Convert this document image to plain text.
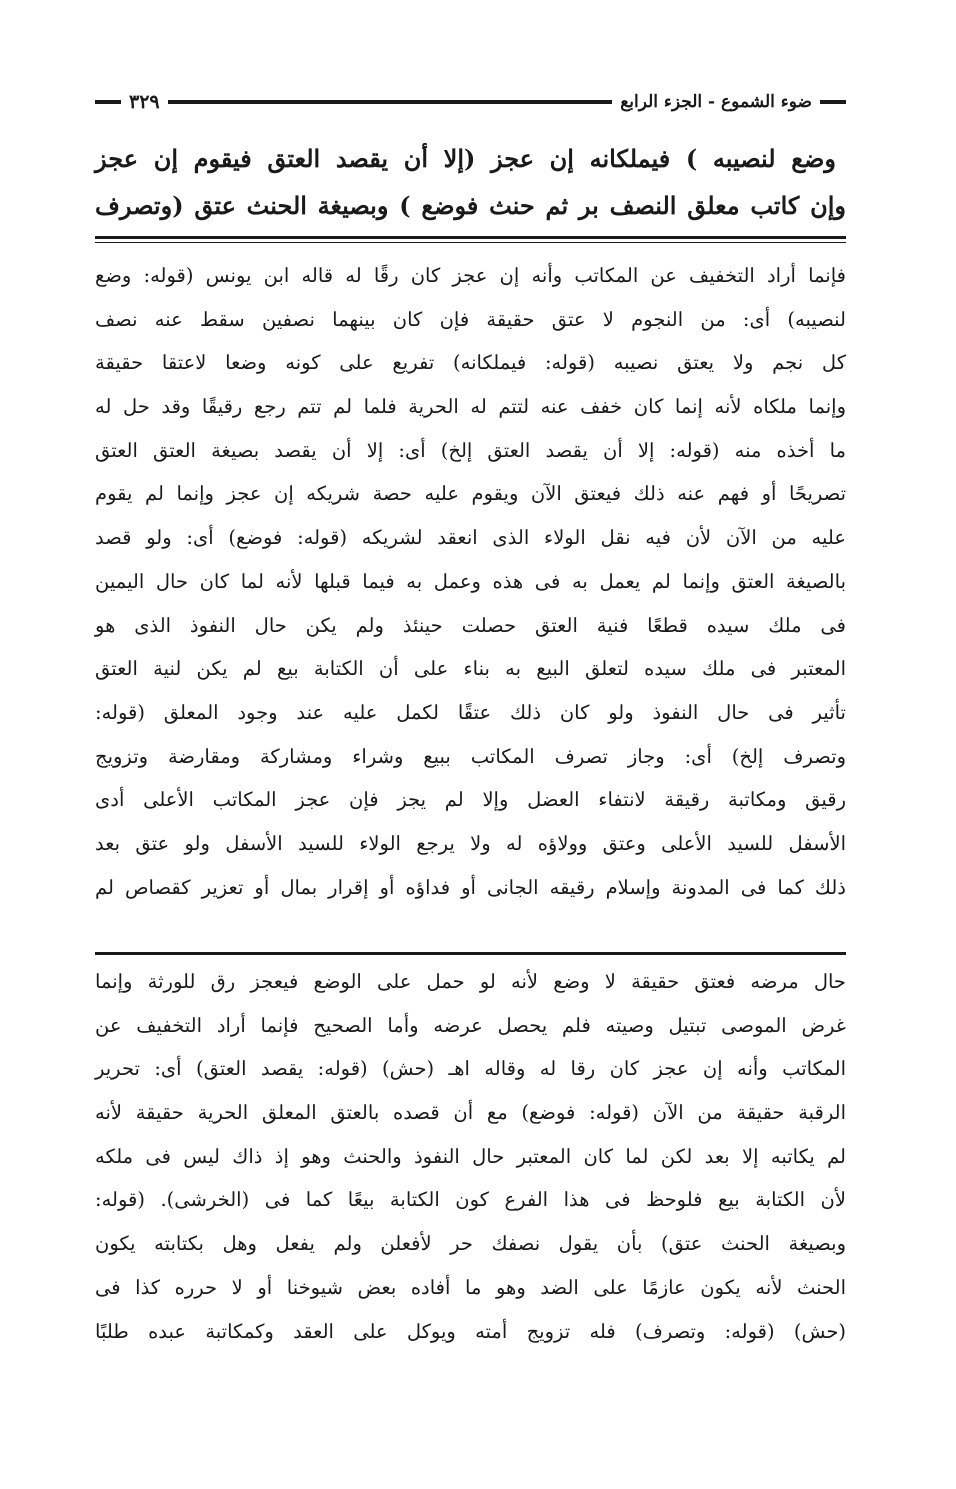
ضوء الشموع - الجزء الرابع
٣٢٩
وضع لنصيبه ) فيملكانه إن عجز (إلا أن يقصد العتق فيقوم إن عجز
وإن كاتب معلق النصف بر ثم حنث فوضع ) وبصيغة الحنث عتق (وتصرف
فإنما أراد التخفيف عن المكاتب وأنه إن عجز كان رقًا له قاله ابن يونس (قوله: وضع
لنصيبه) أى: من النجوم لا عتق حقيقة فإن كان بينهما نصفين سقط عنه نصف
كل نجم ولا يعتق نصيبه (قوله: فيملكانه) تفريع على كونه وضعا لاعتقا حقيقة
وإنما ملكاه لأنه إنما كان خفف عنه لتتم له الحرية فلما لم تتم رجع رقيقًا وقد حل له
ما أخذه منه (قوله: إلا أن يقصد العتق إلخ) أى: إلا أن يقصد بصيغة العتق العتق
تصريحًا أو فهم عنه ذلك فيعتق الآن ويقوم عليه حصة شريكه إن عجز وإنما لم يقوم
عليه من الآن لأن فيه نقل الولاء الذى انعقد لشريكه (قوله: فوضع) أى: ولو قصد
بالصيغة العتق وإنما لم يعمل به فى هذه وعمل به فيما قبلها لأنه لما كان حال اليمين
فى ملك سيده قطعًا فنية العتق حصلت حينئذ ولم يكن حال النفوذ الذى هو
المعتبر فى ملك سيده لتعلق البيع به بناء على أن الكتابة بيع لم يكن لنية العتق
تأثير فى حال النفوذ ولو كان ذلك عتقًا لكمل عليه عند وجود المعلق (قوله:
وتصرف إلخ) أى: وجاز تصرف المكاتب ببيع وشراء ومشاركة ومقارضة وتزويج
رقيق ومكاتبة رقيقة لانتفاء العضل وإلا لم يجز فإن عجز المكاتب الأعلى أدى
الأسفل للسيد الأعلى وعتق وولاؤه له ولا يرجع الولاء للسيد الأسفل ولو عتق بعد
ذلك كما فى المدونة وإسلام رقيقه الجانى أو فداؤه أو إقرار بمال أو تعزير كقصاص لم
حال مرضه فعتق حقيقة لا وضع لأنه لو حمل على الوضع فيعجز رق للورثة وإنما
غرض الموصى تبتيل وصيته فلم يحصل عرضه وأما الصحيح فإنما أراد التخفيف عن
المكاتب وأنه إن عجز كان رقا له وقاله اهـ (حش) (قوله: يقصد العتق) أى: تحرير
الرقبة حقيقة من الآن (قوله: فوضع) مع أن قصده بالعتق المعلق الحرية حقيقة لأنه
لم يكاتبه إلا بعد لكن لما كان المعتبر حال النفوذ والحنث وهو إذ ذاك ليس فى ملكه
لأن الكتابة بيع فلوحظ فى هذا الفرع كون الكتابة بيعًا كما فى (الخرشى). (قوله:
وبصيغة الحنث عتق) بأن يقول نصفك حر لأفعلن ولم يفعل وهل بكتابته يكون
الحنث لأنه يكون عازمًا على الضد وهو ما أفاده بعض شيوخنا أو لا حرره كذا فى
(حش) (قوله: وتصرف) فله تزويج أمته ويوكل على العقد وكمكاتبة عبده طلبًا
